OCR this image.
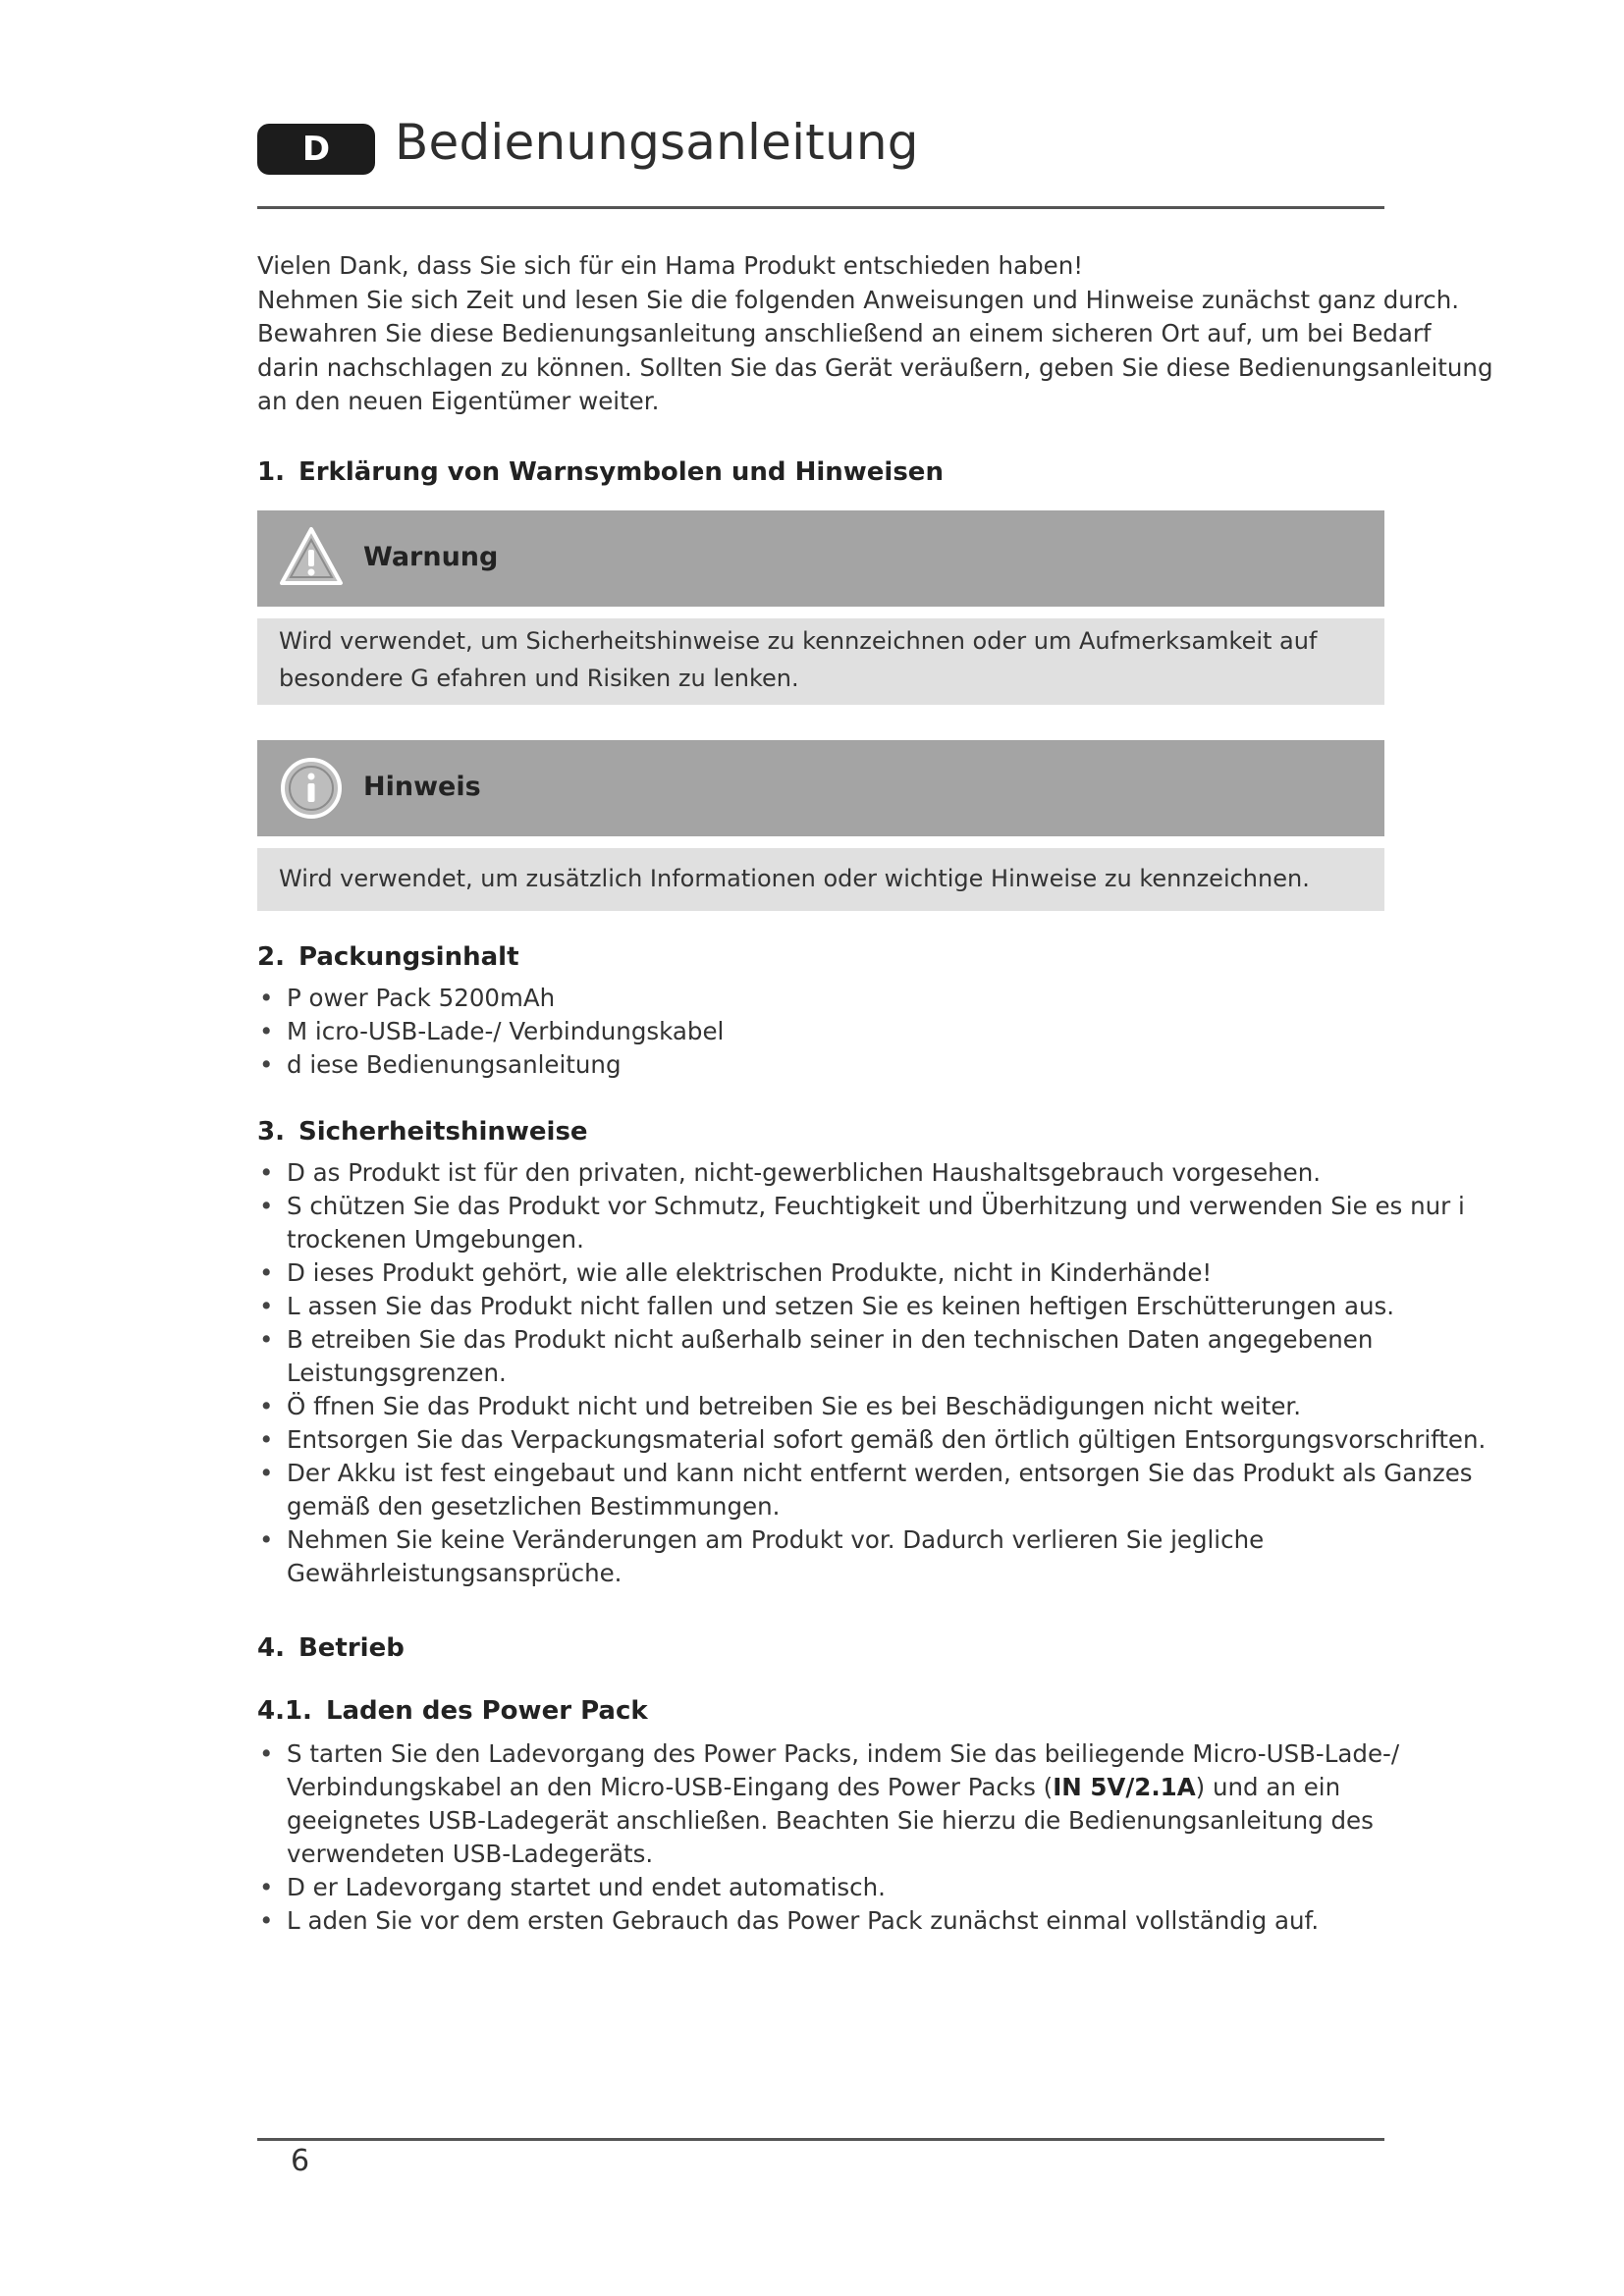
D	Bedienungsanleitung

Vielen Dank, dass Sie sich für ein Hama Produkt entschieden haben!

Nehmen Sie sich Zeit und lesen Sie die folgenden Anweisungen und Hinweise zunächst ganz durch.

Bewahren Sie diese Bedienungsanleitung anschließend an einem sicheren Ort auf, um bei Bedarf

darin nachschlagen zu können. Sollten Sie das Gerät veräußern, geben Sie diese Bedienungsanleitung

an den neuen Eigentümer weiter.

1. Erklärung von Warnsymbolen und Hinweisen
Warnung
Wird verwendet, um Sicherheitshinweise zu kennzeichnen oder um Aufmerksamkeit auf
besondere G efahren und Risiken zu lenken.
Hinweis
Wird verwendet, um zusätzlich Informationen oder wichtige Hinweise zu kennzeichnen.
2. Packungsinhalt
• P ower Pack 5200mAh
• M icro-USB-Lade-/ Verbindungskabel
• d iese Bedienungsanleitung
3. Sicherheitshinweise
• D as Produkt ist für den privaten, nicht-gewerblichen Haushaltsgebrauch vorgesehen.
• S chützen Sie das Produkt vor Schmutz, Feuchtigkeit und Überhitzung und verwenden Sie es nur i
trockenen Umgebungen.
• D ieses Produkt gehört, wie alle elektrischen Produkte, nicht in Kinderhände!
• L assen Sie das Produkt nicht fallen und setzen Sie es keinen heftigen Erschütterungen aus.
• B etreiben Sie das Produkt nicht außerhalb seiner in den technischen Daten angegebenen
Leistungsgrenzen.
• Ö ffnen Sie das Produkt nicht und betreiben Sie es bei Beschädigungen nicht weiter.
• Entsorgen Sie das Verpackungsmaterial sofort gemäß den örtlich gültigen Entsorgungsvorschriften.
• Der Akku ist fest eingebaut und kann nicht entfernt werden, entsorgen Sie das Produkt als Ganzes
gemäß den gesetzlichen Bestimmungen.
• Nehmen Sie keine Veränderungen am Produkt vor. Dadurch verlieren Sie jegliche
Gewährleistungsansprüche.
4. Betrieb
4.1. Laden des Power Pack
• S tarten Sie den Ladevorgang des Power Packs, indem Sie das beiliegende Micro-USB-Lade-/
Verbindungskabel an den Micro-USB-Eingang des Power Packs (IN 5V/2.1A) und an ein
geeignetes USB-Ladegerät anschließen. Beachten Sie hierzu die Bedienungsanleitung des
verwendeten USB-Ladegeräts.
• D er Ladevorgang startet und endet automatisch.
• L aden Sie vor dem ersten Gebrauch das Power Pack zunächst einmal vollständig auf.
6
